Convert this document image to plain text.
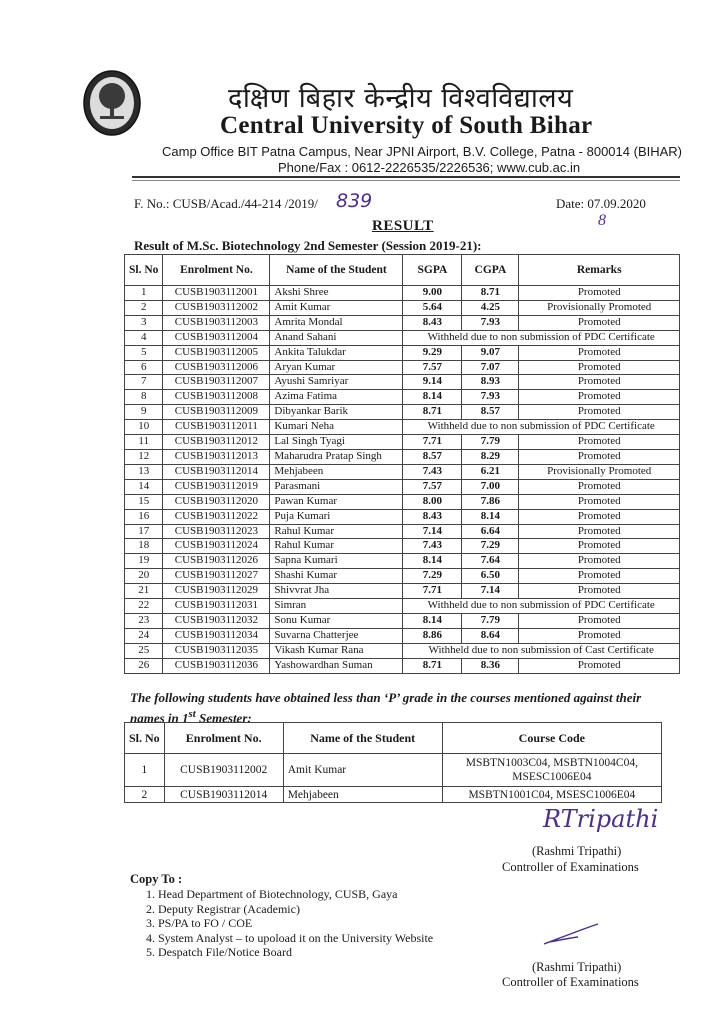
दक्षिण बिहार केन्द्रीय विश्वविद्यालय
Central University of South Bihar
Camp Office BIT Patna Campus, Near JPNI Airport, B.V. College, Patna - 800014 (BIHAR)
Phone/Fax : 0612-2226535/2226536; www.cub.ac.in
F. No.: CUSB/Acad./44-214 /2019/ 839	Date: 07.09.2020
8
RESULT
Result of M.Sc. Biotechnology 2nd Semester (Session 2019-21):
Sl. No	Enrolment No.	Name of the Student	SGPA	CGPA	Remarks
1	CUSB1903112001	Akshi Shree	9.00	8.71	Promoted
2	CUSB1903112002	Amit Kumar	5.64	4.25	Provisionally Promoted
3	CUSB1903112003	Amrita Mondal	8.43	7.93	Promoted
4	CUSB1903112004	Anand Sahani	Withheld due to non submission of PDC Certificate		
5	CUSB1903112005	Ankita Talukdar	9.29	9.07	Promoted
6	CUSB1903112006	Aryan Kumar	7.57	7.07	Promoted
7	CUSB1903112007	Ayushi Samriyar	9.14	8.93	Promoted
8	CUSB1903112008	Azima Fatima	8.14	7.93	Promoted
9	CUSB1903112009	Dibyankar Barik	8.71	8.57	Promoted
10	CUSB1903112011	Kumari Neha	Withheld due to non submission of PDC Certificate		
11	CUSB1903112012	Lal Singh Tyagi	7.71	7.79	Promoted
12	CUSB1903112013	Maharudra Pratap Singh	8.57	8.29	Promoted
13	CUSB1903112014	Mehjabeen	7.43	6.21	Provisionally Promoted
14	CUSB1903112019	Parasmani	7.57	7.00	Promoted
15	CUSB1903112020	Pawan Kumar	8.00	7.86	Promoted
16	CUSB1903112022	Puja Kumari	8.43	8.14	Promoted
17	CUSB1903112023	Rahul Kumar	7.14	6.64	Promoted
18	CUSB1903112024	Rahul Kumar	7.43	7.29	Promoted
19	CUSB1903112026	Sapna Kumari	8.14	7.64	Promoted
20	CUSB1903112027	Shashi Kumar	7.29	6.50	Promoted
21	CUSB1903112029	Shivvrat Jha	7.71	7.14	Promoted
22	CUSB1903112031	Simran	Withheld due to non submission of PDC Certificate		
23	CUSB1903112032	Sonu Kumar	8.14	7.79	Promoted
24	CUSB1903112034	Suvarna Chatterjee	8.86	8.64	Promoted
25	CUSB1903112035	Vikash Kumar Rana	Withheld due to non submission of Cast Certificate		
26	CUSB1903112036	Yashowardhan Suman	8.71	8.36	Promoted
The following students have obtained less than ‘P’ grade in the courses mentioned against their names in 1st Semester:
Sl. No	Enrolment No.	Name of the Student	Course Code
1	CUSB1903112002	Amit Kumar	MSBTN1003C04, MSBTN1004C04, MSESC1006E04
2	CUSB1903112014	Mehjabeen	MSBTN1001C04, MSESC1006E04
RTripathi
(Rashmi Tripathi)
Controller of Examinations
Copy To :
1. Head Department of Biotechnology, CUSB, Gaya
2. Deputy Registrar (Academic)
3. PS/PA to FO / COE
4. System Analyst – to upoload it on the University Website
5. Despatch File/Notice Board
(Rashmi Tripathi)
Controller of Examinations
